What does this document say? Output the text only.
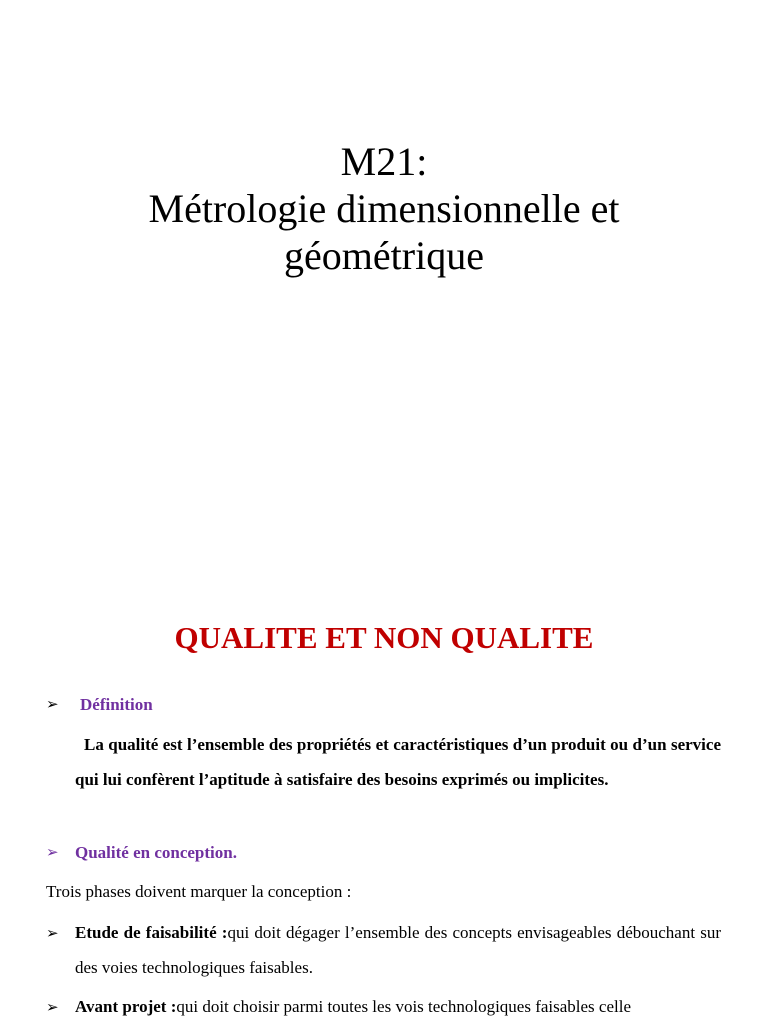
M21:
Métrologie dimensionnelle et
géométrique
QUALITE ET NON QUALITE
➢	Définition
La qualité est l’ensemble des propriétés et caractéristiques d’un produit ou d’un service qui lui confèrent l’aptitude à satisfaire des besoins exprimés ou implicites.
➢ Qualité en conception.
Trois phases doivent marquer la conception :
➢ Etude de faisabilité :qui doit dégager l’ensemble des concepts envisageables débouchant sur des voies technologiques faisables.
➢ Avant projet :qui doit choisir parmi toutes les vois technologiques faisables celle
